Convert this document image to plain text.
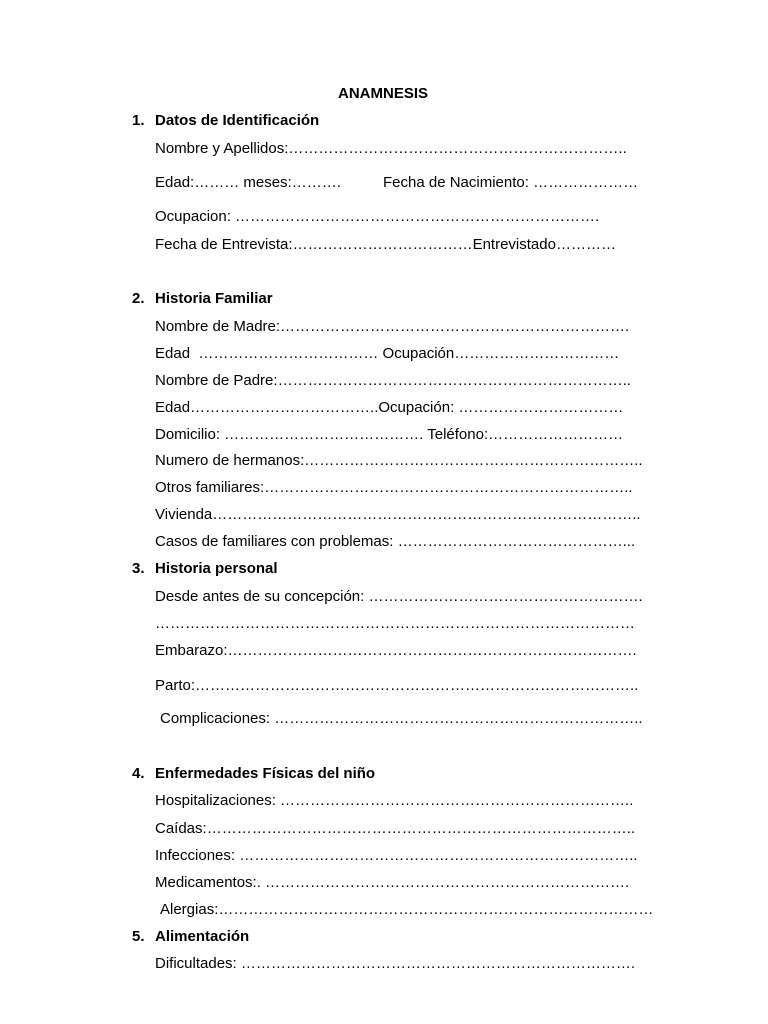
ANAMNESIS
1. Datos de Identificación
Nombre y Apellidos:…………………………………………………………..
Edad:……… meses:……….	Fecha de Nacimiento: …………………
Ocupacion: ……………………………………………………………….
Fecha de Entrevista:………………………………Entrevistado…………
2. Historia Familiar
Nombre de Madre:…………………………………………………………….
Edad  ……………………………… Ocupación……………………………
Nombre de Padre:……………………………………………………………..
Edad………………………………..Ocupación: ……………………………
Domicilio: …………………………………. Teléfono:………………………
Numero de hermanos:…………………………………………………………..
Otros familiares:………………………………………………………………..
Vivienda…………………………………………………………………………..
Casos de familiares con problemas: ………………………………………...
3. Historia personal
Desde antes de su concepción: ……………………………………………….
……………………………………………………………………………………
Embarazo:……………………………………………………………………….
Parto:……………………………………………………………………………..
Complicaciones: ………………………………………………………………..
4. Enfermedades Físicas del niño
Hospitalizaciones: ……………………………………………………………..
Caídas:…………………………………………………………………………..
Infecciones: ……………………………………………………………………..
Medicamentos:. ……………………………………………………………….
Alergias:……………………………………………………………………………
5. Alimentación
Dificultades: …………………………………………………………………….
